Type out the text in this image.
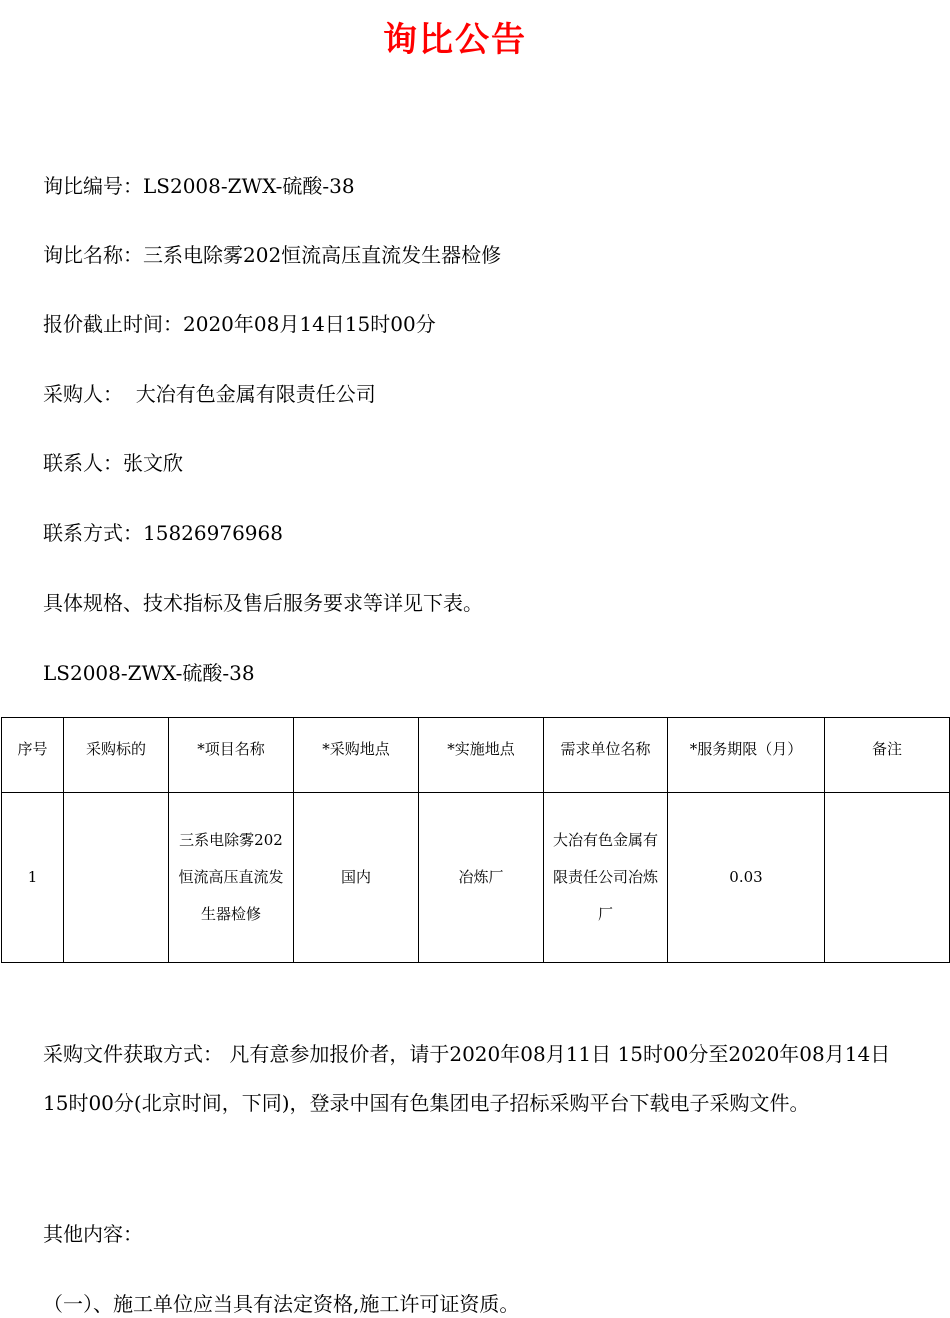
询比公告
询比编号：LS2008-ZWX-硫酸-38
询比名称：三系电除雾202恒流高压直流发生器检修
报价截止时间：2020年08月14日15时00分
采购人：  大冶有色金属有限责任公司
联系人：张文欣
联系方式：15826976968
具体规格、技术指标及售后服务要求等详见下表。
LS2008-ZWX-硫酸-38
序号	采购标的	*项目名称	*采购地点	*实施地点	需求单位名称	*服务期限（月）	备注
1		三系电除雾202恒流高压直流发生器检修	国内	冶炼厂	大冶有色金属有限责任公司冶炼厂	0.03	
采购文件获取方式： 凡有意参加报价者，请于2020年08月11日 15时00分至2020年08月14日 15时00分(北京时间，下同)，登录中国有色集团电子招标采购平台下载电子采购文件。
其他内容：
（一）、施工单位应当具有法定资格,施工许可证资质。
